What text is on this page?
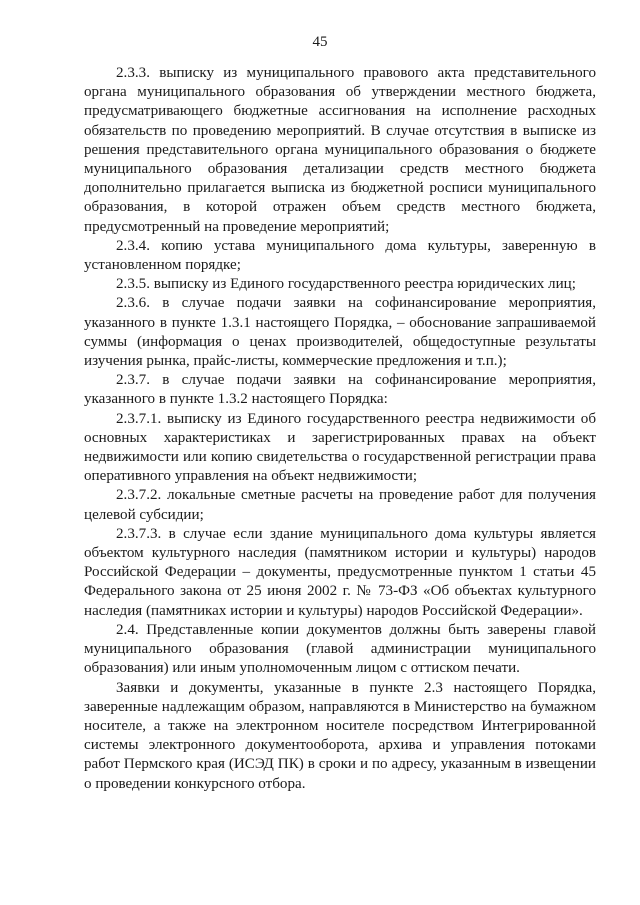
45

2.3.3. выписку из муниципального правового акта представительного органа муниципального образования об утверждении местного бюджета, предусматривающего бюджетные ассигнования на исполнение расходных обязательств по проведению мероприятий. В случае отсутствия в выписке из решения представительного органа муниципального образования о бюджете муниципального образования детализации средств местного бюджета дополнительно прилагается выписка из бюджетной росписи муниципального образования, в которой отражен объем средств местного бюджета, предусмотренный на проведение мероприятий;

2.3.4. копию устава муниципального дома культуры, заверенную в установленном порядке;

2.3.5. выписку из Единого государственного реестра юридических лиц;

2.3.6. в случае подачи заявки на софинансирование мероприятия, указанного в пункте 1.3.1 настоящего Порядка, – обоснование запрашиваемой суммы (информация о ценах производителей, общедоступные результаты изучения рынка, прайс-листы, коммерческие предложения и т.п.);

2.3.7. в случае подачи заявки на софинансирование мероприятия, указанного в пункте 1.3.2 настоящего Порядка:

2.3.7.1. выписку из Единого государственного реестра недвижимости об основных характеристиках и зарегистрированных правах на объект недвижимости или копию свидетельства о государственной регистрации права оперативного управления на объект недвижимости;

2.3.7.2. локальные сметные расчеты на проведение работ для получения целевой субсидии;

2.3.7.3. в случае если здание муниципального дома культуры является объектом культурного наследия (памятником истории и культуры) народов Российской Федерации – документы, предусмотренные пунктом 1 статьи 45 Федерального закона от 25 июня 2002 г. № 73-ФЗ «Об объектах культурного наследия (памятниках истории и культуры) народов Российской Федерации».

2.4. Представленные копии документов должны быть заверены главой муниципального образования (главой администрации муниципального образования) или иным уполномоченным лицом с оттиском печати.

Заявки и документы, указанные в пункте 2.3 настоящего Порядка, заверенные надлежащим образом, направляются в Министерство на бумажном носителе, а также на электронном носителе посредством Интегрированной системы электронного документооборота, архива и управления потоками работ Пермского края (ИСЭД ПК) в сроки и по адресу, указанным в извещении о проведении конкурсного отбора.
